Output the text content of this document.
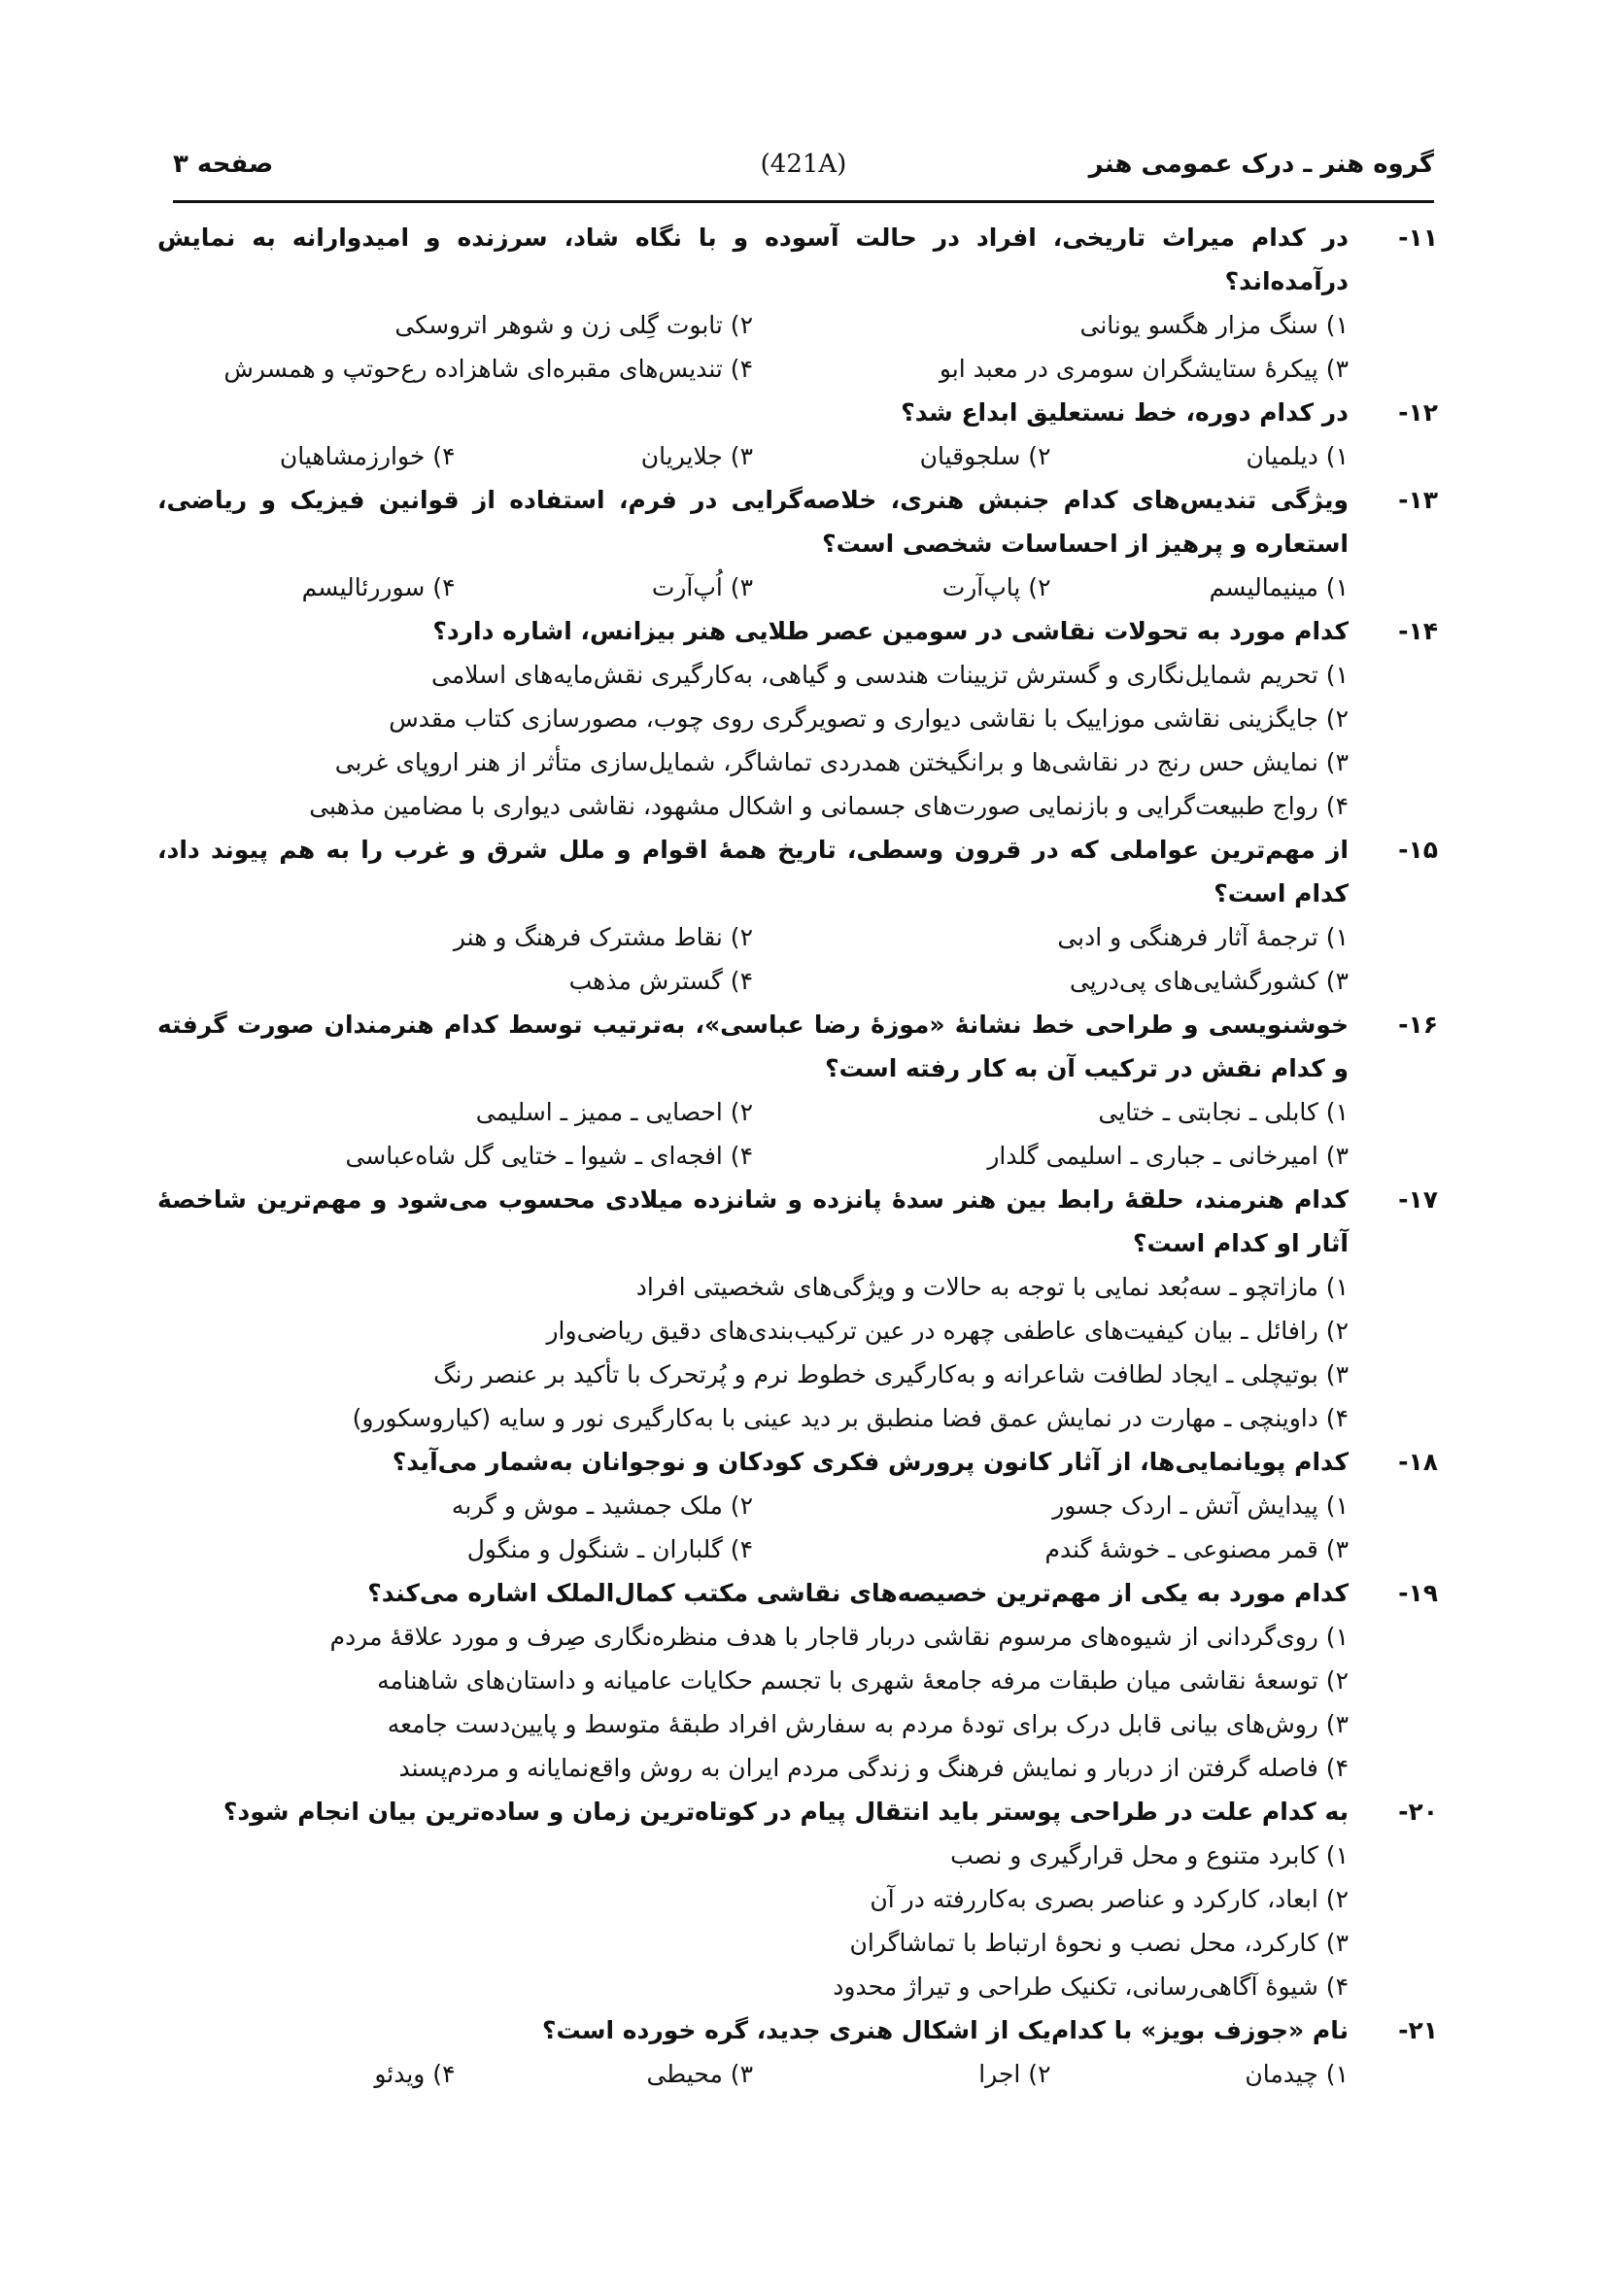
گروه هنر ـ درک عمومی هنر
(421A)
صفحه ۳
۱۱-
در کدام میراث تاریخی، افراد در حالت آسوده و با نگاه شاد، سرزنده و امیدوارانه به نمایش درآمده‌اند؟
۱) سنگ مزار هگسو یونانی
۲) تابوت گِلی زن و شوهر اتروسکی
۳) پیکرهٔ ستایشگران سومری در معبد ابو
۴) تندیس‌های مقبره‌ای شاهزاده رع‌حوتپ و همسرش
۱۲-
در کدام دوره، خط نستعلیق ابداع شد؟
۱) دیلمیان
۲) سلجوقیان
۳) جلایریان
۴) خوارزمشاهیان
۱۳-
ویژگی تندیس‌های کدام جنبش هنری، خلاصه‌گرایی در فرم، استفاده از قوانین فیزیک و ریاضی، استعاره و پرهیز از احساسات شخصی است؟
۱) مینیمالیسم
۲) پاپ‌آرت
۳) اُپ‌آرت
۴) سوررئالیسم
۱۴-
کدام مورد به تحولات نقاشی در سومین عصر طلایی هنر بیزانس، اشاره دارد؟
۱) تحریم شمایل‌نگاری و گسترش تزیینات هندسی و گیاهی، به‌کارگیری نقش‌مایه‌های اسلامی
۲) جایگزینی نقاشی موزاییک با نقاشی دیواری و تصویرگری روی چوب، مصورسازی کتاب مقدس
۳) نمایش حس رنج در نقاشی‌ها و برانگیختن همدردی تماشاگر، شمایل‌سازی متأثر از هنر اروپای غربی
۴) رواج طبیعت‌گرایی و بازنمایی صورت‌های جسمانی و اشکال مشهود، نقاشی دیواری با مضامین مذهبی
۱۵-
از مهم‌ترین عواملی که در قرون وسطی، تاریخ همهٔ اقوام و ملل شرق و غرب را به هم پیوند داد، کدام است؟
۱) ترجمهٔ آثار فرهنگی و ادبی
۲) نقاط مشترک فرهنگ و هنر
۳) کشورگشایی‌های پی‌درپی
۴) گسترش مذهب
۱۶-
خوشنویسی و طراحی خط نشانهٔ «موزهٔ رضا عباسی»، به‌ترتیب توسط کدام هنرمندان صورت گرفته و کدام نقش در ترکیب آن به کار رفته است؟
۱) کابلی ـ نجابتی ـ ختایی
۲) احصایی ـ ممیز ـ اسلیمی
۳) امیرخانی ـ جباری ـ اسلیمی گلدار
۴) افجه‌ای ـ شیوا ـ ختایی گل شاه‌عباسی
۱۷-
کدام هنرمند، حلقهٔ رابط بین هنر سدهٔ پانزده و شانزده میلادی محسوب می‌شود و مهم‌ترین شاخصهٔ آثار او کدام است؟
۱) مازاتچو ـ سه‌بُعد نمایی با توجه به حالات و ویژگی‌های شخصیتی افراد
۲) رافائل ـ بیان کیفیت‌های عاطفی چهره در عین ترکیب‌بندی‌های دقیق ریاضی‌وار
۳) بوتیچلی ـ ایجاد لطافت شاعرانه و به‌کارگیری خطوط نرم و پُرتحرک با تأکید بر عنصر رنگ
۴) داوینچی ـ مهارت در نمایش عمق فضا منطبق بر دید عینی با به‌کارگیری نور و سایه (کیاروسکورو)
۱۸-
کدام پویانمایی‌ها، از آثار کانون پرورش فکری کودکان و نوجوانان به‌شمار می‌آید؟
۱) پیدایش آتش ـ اردک جسور
۲) ملک جمشید ـ موش و گربه
۳) قمر مصنوعی ـ خوشهٔ گندم
۴) گلباران ـ شنگول و منگول
۱۹-
کدام مورد به یکی از مهم‌ترین خصیصه‌های نقاشی مکتب کمال‌الملک اشاره می‌کند؟
۱) روی‌گردانی از شیوه‌های مرسوم نقاشی دربار قاجار با هدف منظره‌نگاری صِرف و مورد علاقهٔ مردم
۲) توسعهٔ نقاشی میان طبقات مرفه جامعهٔ شهری با تجسم حکایات عامیانه و داستان‌های شاهنامه
۳) روش‌های بیانی قابل درک برای تودهٔ مردم به سفارش افراد طبقهٔ متوسط و پایین‌دست جامعه
۴) فاصله گرفتن از دربار و نمایش فرهنگ و زندگی مردم ایران به روش واقع‌نمایانه و مردم‌پسند
۲۰-
به کدام علت در طراحی پوستر باید انتقال پیام در کوتاه‌ترین زمان و ساده‌ترین بیان انجام شود؟
۱) کابرد متنوع و محل قرارگیری و نصب
۲) ابعاد، کارکرد و عناصر بصری به‌کاررفته در آن
۳) کارکرد، محل نصب و نحوهٔ ارتباط با تماشاگران
۴) شیوهٔ آگاهی‌رسانی، تکنیک طراحی و تیراژ محدود
۲۱-
نام «جوزف بویز» با کدام‌یک از اشکال هنری جدید، گره خورده است؟
۱) چیدمان
۲) اجرا
۳) محیطی
۴) ویدئو
